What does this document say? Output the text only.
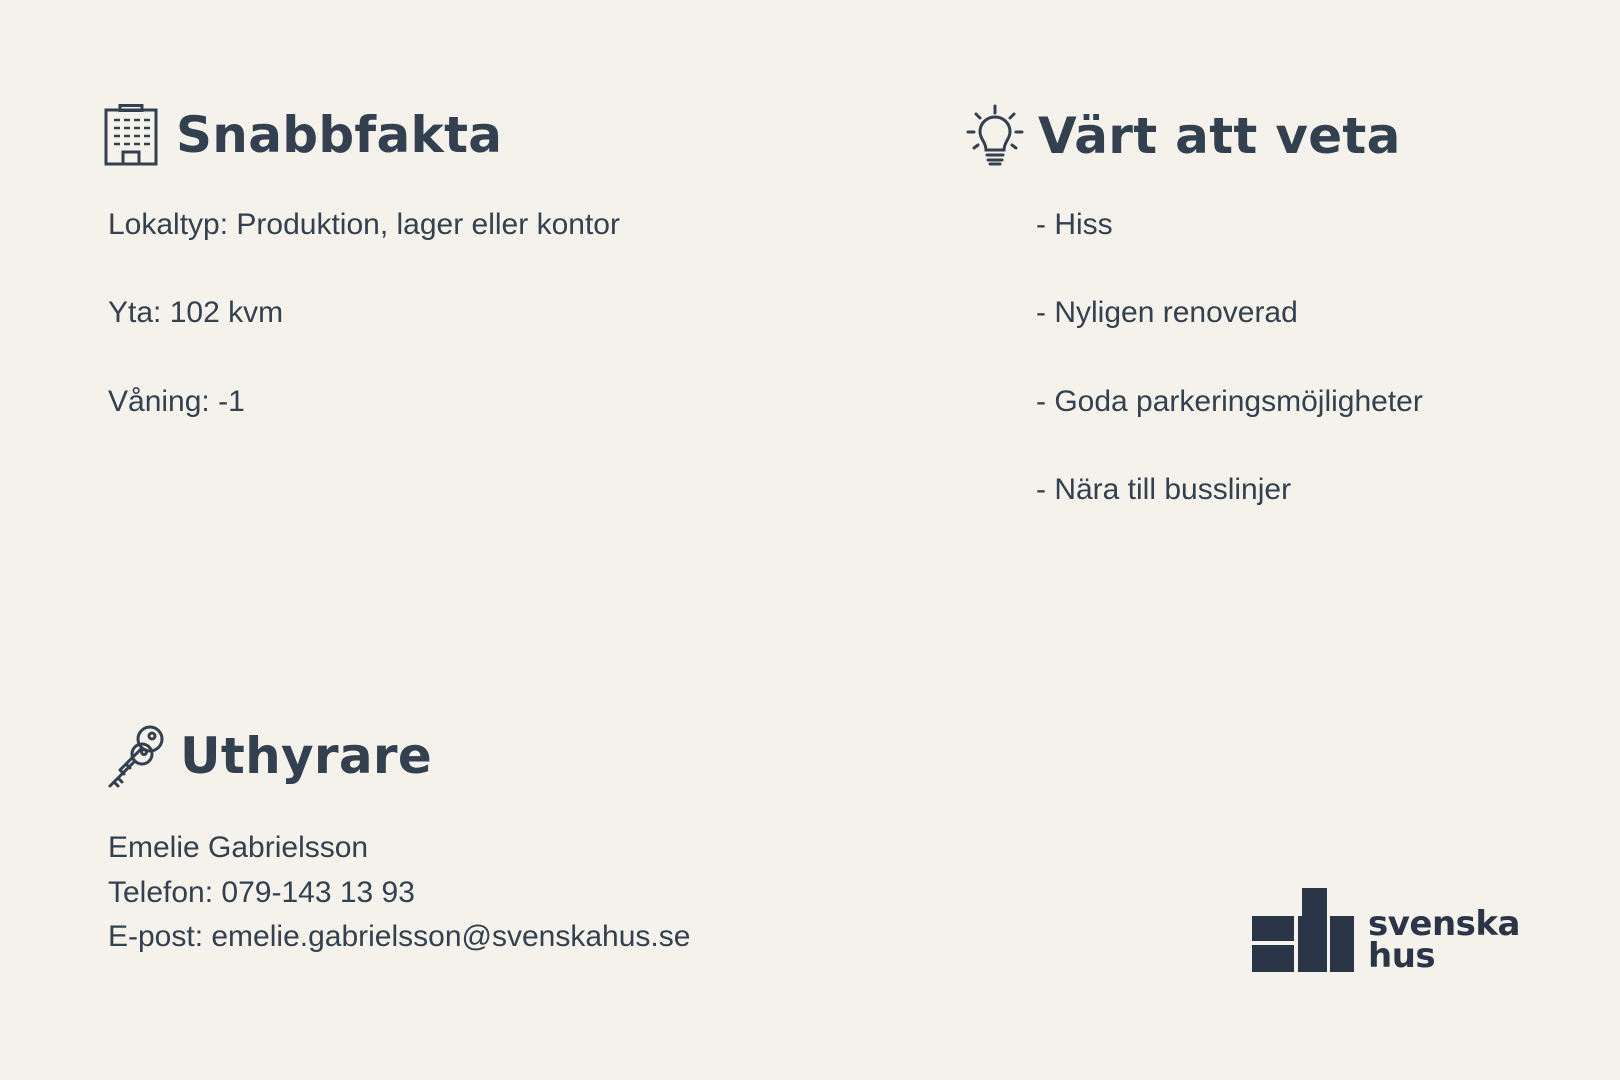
Snabbfakta
Lokaltyp: Produktion, lager eller kontor
Yta: 102 kvm
Våning: -1
Värt att veta
- Hiss
- Nyligen renoverad
- Goda parkeringsmöjligheter
- Nära till busslinjer
Uthyrare
Emelie Gabrielsson
Telefon: 079-143 13 93
E-post: emelie.gabrielsson@svenskahus.se	svenska
hus
